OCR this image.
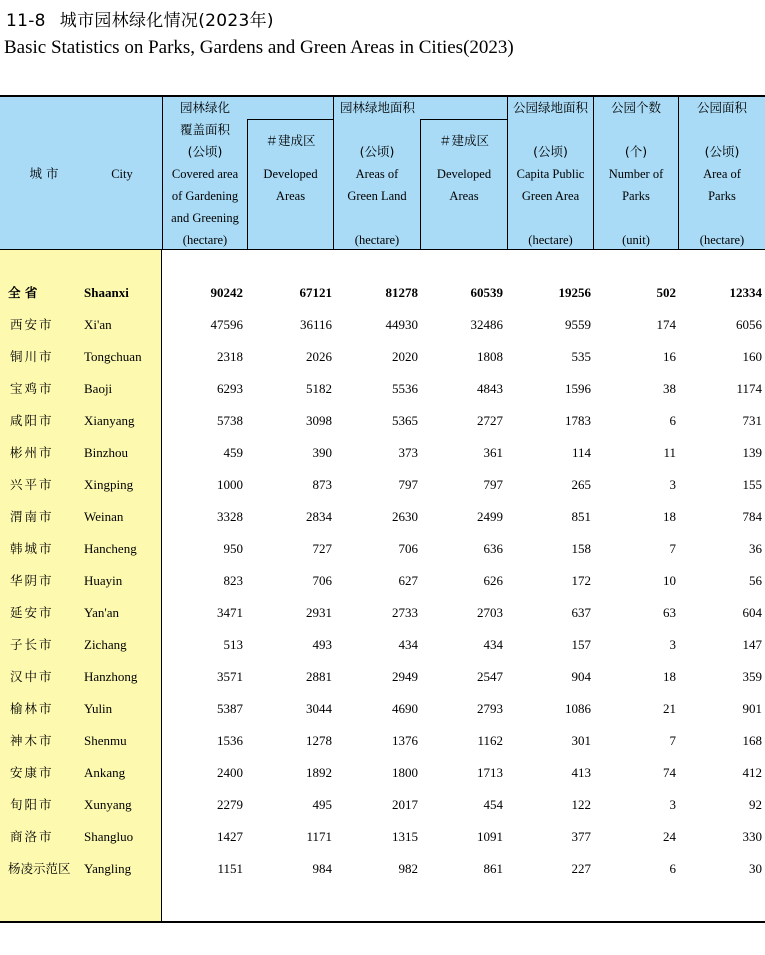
11-8 城市园林绿化情况(2023年)
Basic Statistics on Parks, Gardens and Green Areas in Cities(2023)
城 市	City
园林绿化
覆盖面积
(公顷)
Covered area
of Gardening
and Greening
(hectare)
＃建成区
Developed
Areas
园林绿地面积
(公顷)
Areas of
Green Land
(hectare)
＃建成区
Developed
Areas
公园绿地面积
(公顷)
Capita Public
Green Area
(hectare)
公园个数
(个)
Number of
Parks
(unit)
公园面积
(公顷)
Area of
Parks
(hectare)
全 省	Shaanxi	90242	67121	81278	60539	19256	502	12334
西安市	Xi'an	47596	36116	44930	32486	9559	174	6056
铜川市	Tongchuan	2318	2026	2020	1808	535	16	160
宝鸡市	Baoji	6293	5182	5536	4843	1596	38	1174
咸阳市	Xianyang	5738	3098	5365	2727	1783	6	731
彬州市	Binzhou	459	390	373	361	114	11	139
兴平市	Xingping	1000	873	797	797	265	3	155
渭南市	Weinan	3328	2834	2630	2499	851	18	784
韩城市	Hancheng	950	727	706	636	158	7	36
华阴市	Huayin	823	706	627	626	172	10	56
延安市	Yan'an	3471	2931	2733	2703	637	63	604
子长市	Zichang	513	493	434	434	157	3	147
汉中市	Hanzhong	3571	2881	2949	2547	904	18	359
榆林市	Yulin	5387	3044	4690	2793	1086	21	901
神木市	Shenmu	1536	1278	1376	1162	301	7	168
安康市	Ankang	2400	1892	1800	1713	413	74	412
旬阳市	Xunyang	2279	495	2017	454	122	3	92
商洛市	Shangluo	1427	1171	1315	1091	377	24	330
杨凌示范区 Yangling	1151	984	982	861	227	6	30
